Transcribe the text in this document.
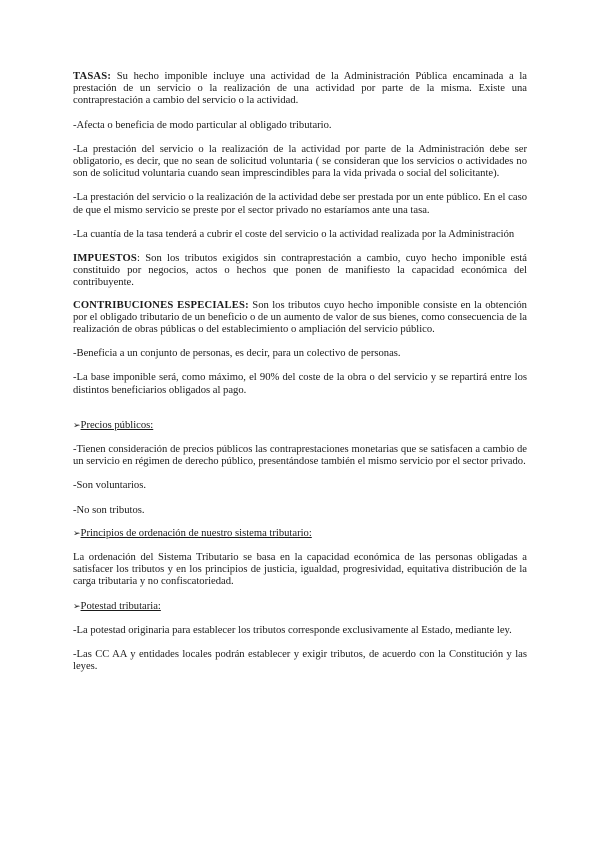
TASAS: Su hecho imponible incluye una actividad de la Administración Pública encaminada a la prestación de un servicio o la realización de una actividad por parte de la misma. Existe una contraprestación a cambio del servicio o la actividad.

-Afecta o beneficia de modo particular al obligado tributario.

-La prestación del servicio o la realización de la actividad por parte de la Administración debe ser obligatorio, es decir, que no sean de solicitud voluntaria ( se consideran que los servicios o actividades no son de solicitud voluntaria cuando sean imprescindibles para la vida privada o social del solicitante).

-La prestación del servicio o la realización de la actividad debe ser prestada por un ente público. En el caso de que el mismo servicio se preste por el sector privado no estaríamos ante una tasa.

-La cuantía de la tasa tenderá a cubrir el coste del servicio o la actividad realizada por la Administración

IMPUESTOS: Son los tributos exigidos sin contraprestación a cambio, cuyo hecho imponible está constituido por negocios, actos o hechos que ponen de manifiesto la capacidad económica del contribuyente.

CONTRIBUCIONES ESPECIALES: Son los tributos cuyo hecho imponible consiste en la obtención por el obligado tributario de un beneficio o de un aumento de valor de sus bienes, como consecuencia de la realización de obras públicas o del establecimiento o ampliación del servicio público.

-Beneficia a un conjunto de personas, es decir, para un colectivo de personas.

-La base imponible será, como máximo, el 90% del coste de la obra o del servicio y se repartirá entre los distintos beneficiarios obligados al pago.

➢Precios públicos:

-Tienen consideración de precios públicos las contraprestaciones monetarias que se satisfacen a cambio de un servicio en régimen de derecho público, presentándose también el mismo servicio por el sector privado.

-Son voluntarios.

-No son tributos.

➢Principios de ordenación de nuestro sistema tributario:

La ordenación del Sistema Tributario se basa en la capacidad económica de las personas obligadas a satisfacer los tributos y en los principios de justicia, igualdad, progresividad, equitativa distribución de la carga tributaria y no confiscatoriedad.

➢Potestad tributaria:

-La potestad originaria para establecer los tributos corresponde exclusivamente al Estado, mediante ley.

-Las CC AA y entidades locales podrán establecer y exigir tributos, de acuerdo con la Constitución y las leyes.
